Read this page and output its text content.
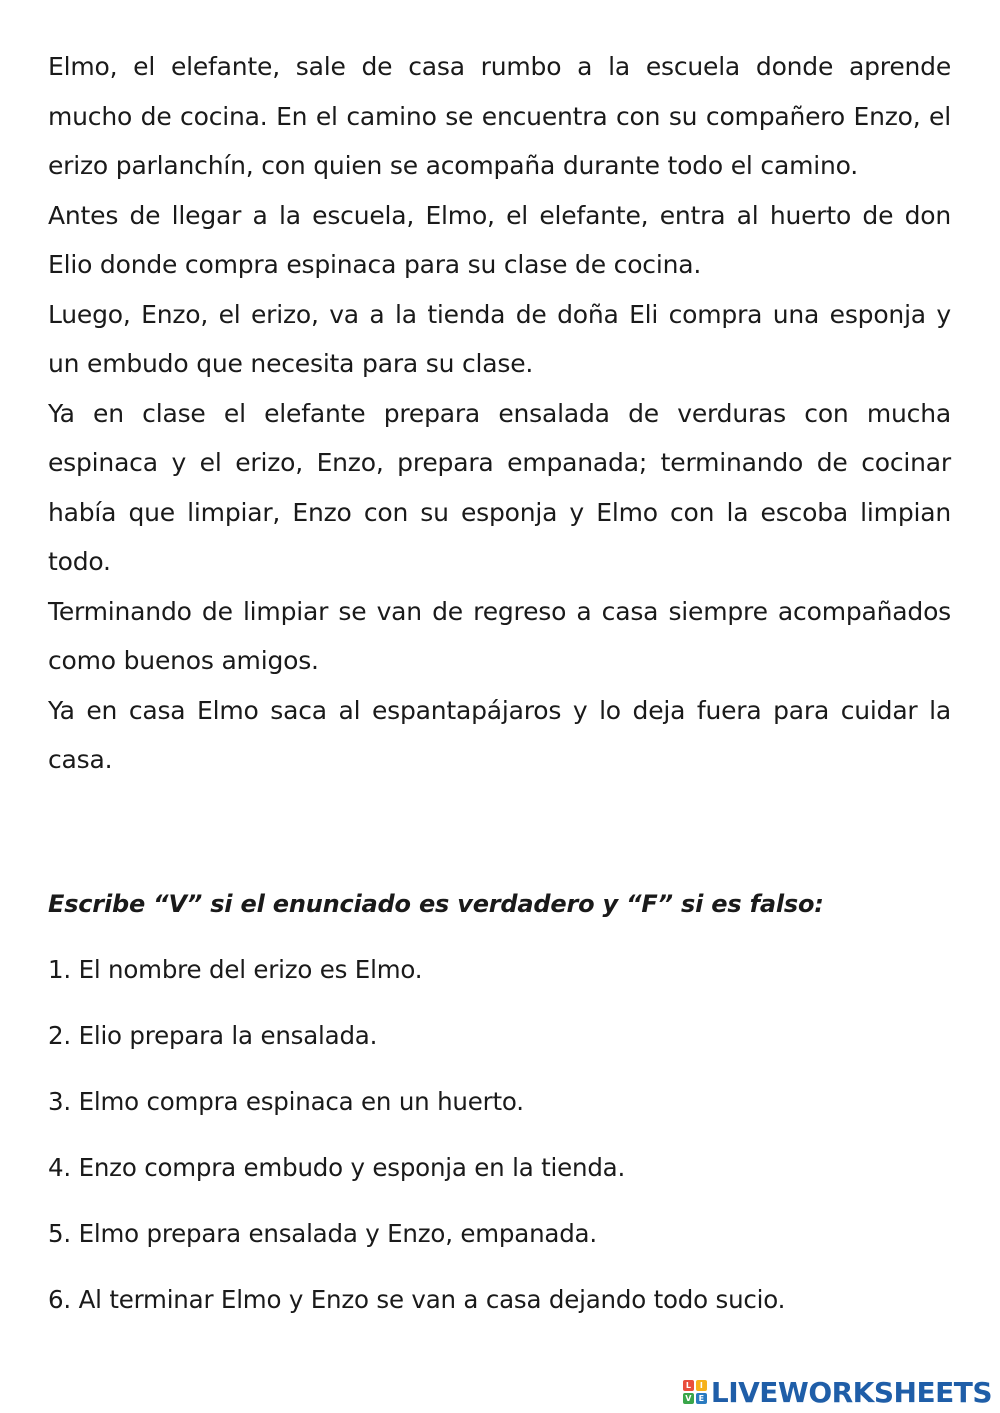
Elmo, el elefante, sale de casa rumbo a la escuela donde aprende mucho de cocina. En el camino se encuentra con su compañero Enzo, el erizo parlanchín, con quien se acompaña durante todo el camino.

Antes de llegar a la escuela, Elmo, el elefante, entra al huerto de don Elio donde compra espinaca para su clase de cocina.

Luego, Enzo, el erizo, va a la tienda de doña Eli compra una esponja y un embudo que necesita para su clase.

Ya en clase el elefante prepara ensalada de verduras con mucha espinaca y el erizo, Enzo, prepara empanada; terminando de cocinar había que limpiar, Enzo con su esponja y Elmo con la escoba limpian todo.

Terminando de limpiar se van de regreso a casa siempre acompañados como buenos amigos.

Ya en casa Elmo saca al espantapájaros y lo deja fuera para cuidar la casa.

Escribe “V” si el enunciado es verdadero y “F” si es falso:
1. El nombre del erizo es Elmo.
2. Elio prepara la ensalada.
3. Elmo compra espinaca en un huerto.
4. Enzo compra embudo y esponja en la tienda.
5. Elmo prepara ensalada y Enzo, empanada.
6. Al terminar Elmo y Enzo se van a casa dejando todo sucio.
L	I
V E LIVEWORKSHEETS
